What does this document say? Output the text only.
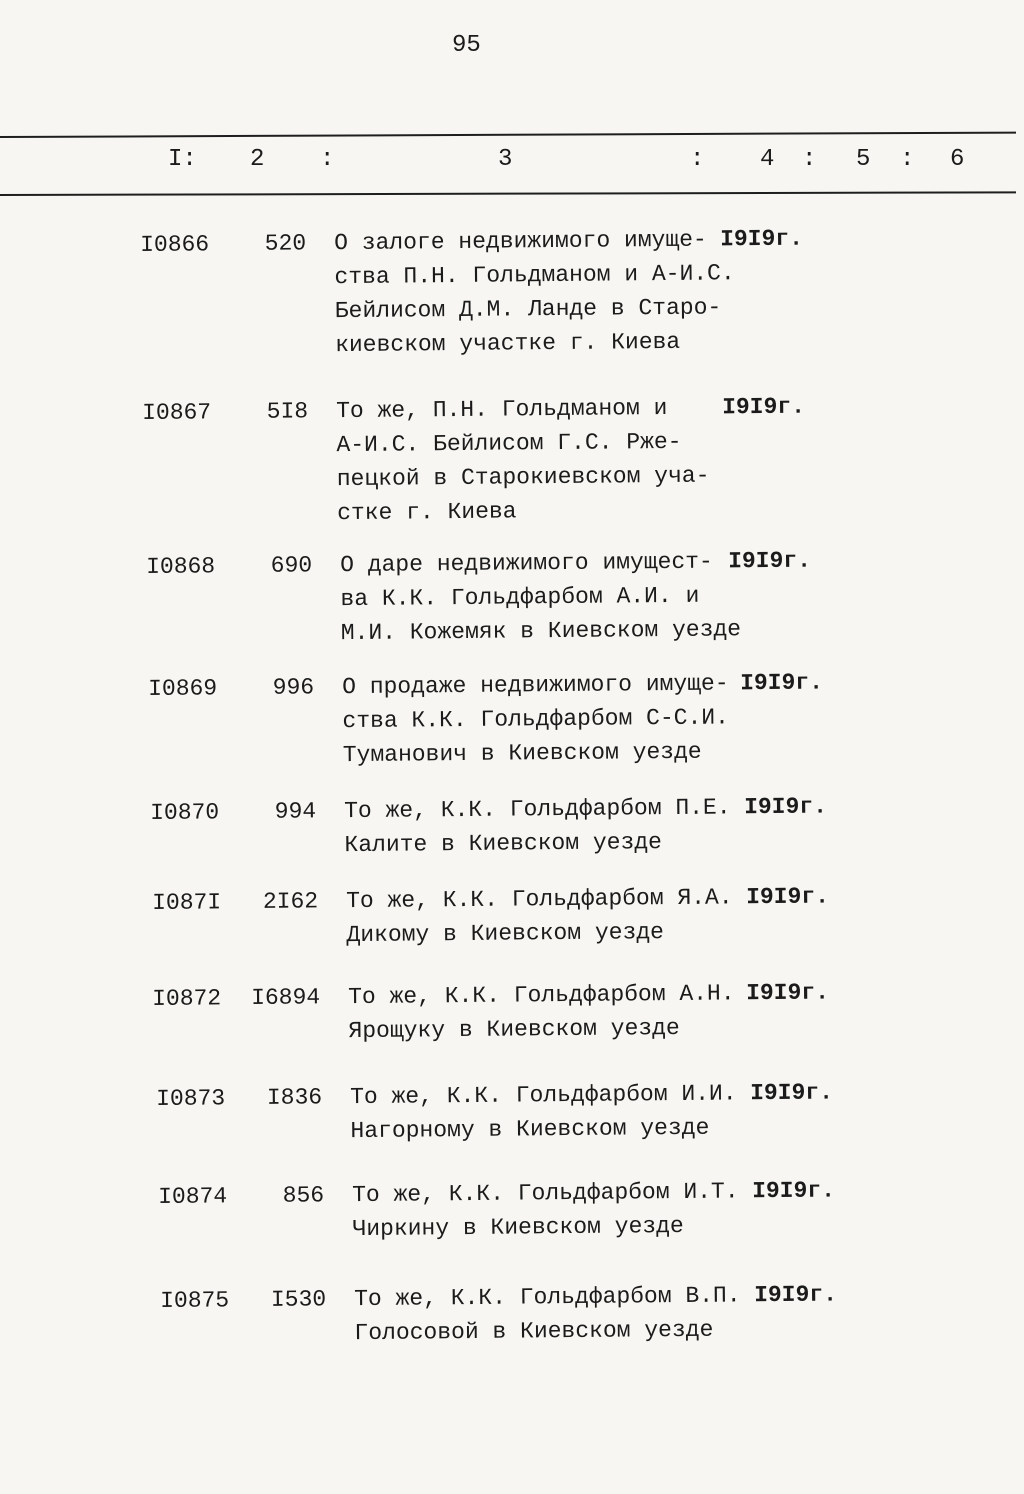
95
I: 2 :	3	: 4 : 5 : 6
I0866	520 О залоге недвижимого имуще-
ства П.Н. Гольдманом и А-И.С.
Бейлисом Д.М. Ланде в Старо-
киевском участке г. Киева
I9I9г.
I0867	5I8 То же, П.Н. Гольдманом и
А-И.С. Бейлисом Г.С. Рже-
пецкой в Старокиевском уча-
стке г. Киева
I9I9г.
I0868	690 О даре недвижимого имущест-
ва К.К. Гольдфарбом А.И. и
М.И. Кожемяк в Киевском уезде
I9I9г.
I0869	996 О продаже недвижимого имуще-
ства К.К. Гольдфарбом С-С.И.
Туманович в Киевском уезде
I9I9г.
I0870	994 То же, К.К. Гольдфарбом П.Е.
Калите в Киевском уезде
I9I9г.
I087I	2I62 То же, К.К. Гольдфарбом Я.А.
Дикому в Киевском уезде
I9I9г.
I0872	I6894 То же, К.К. Гольдфарбом А.Н.
Ярощуку в Киевском уезде
I9I9г.
I0873	I836 То же, К.К. Гольдфарбом И.И.
Нагорному в Киевском уезде
I9I9г.
I0874	856 То же, К.К. Гольдфарбом И.Т.
Чиркину в Киевском уезде
I9I9г.
I0875	I530 То же, К.К. Гольдфарбом В.П.
Голосовой в Киевском уезде
I9I9г.
